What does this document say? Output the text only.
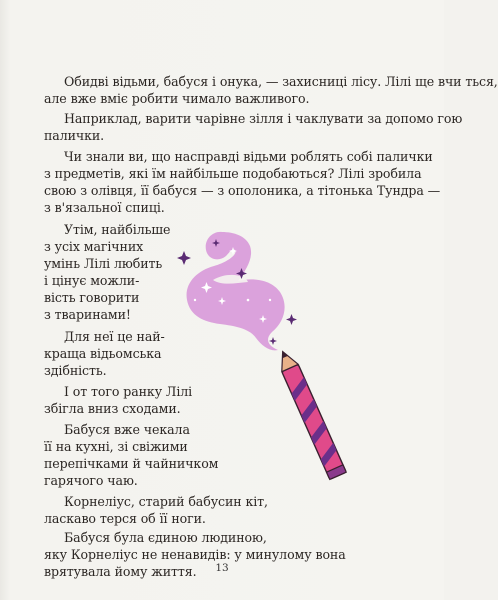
Обидві відьми, бабуся і онука, — захисниці лісу. Лілі ще вчи ться,
але вже вміє робити чимало важливого.
Наприклад, варити чарівне зілля і чаклувати за допомо гою
палички.
Чи знали ви, що насправді відьми роблять собі палички
з предметів, які їм найбільше подобаються? Лілі зробила
свою з олівця, її бабуся — з ополоника, а тітонька Тундра —
з в'язальної спиці.
Утім, найбільше
з усіх магічних
умінь Лілі любить
і цінує можли-
вість говорити
з тваринами!
Для неї це най-
краща відьомська
здібність.
І от того ранку Лілі
збігла вниз сходами.
Бабуся вже чекала
її на кухні, зі свіжими
перепічками й чайничком
гарячого чаю.
Корнеліус, старий бабусин кіт,
ласкаво терся об її ноги.
Бабуся була єдиною людиною,
яку Корнеліус не ненавидів: у минулому вона
врятувала йому життя.	13
